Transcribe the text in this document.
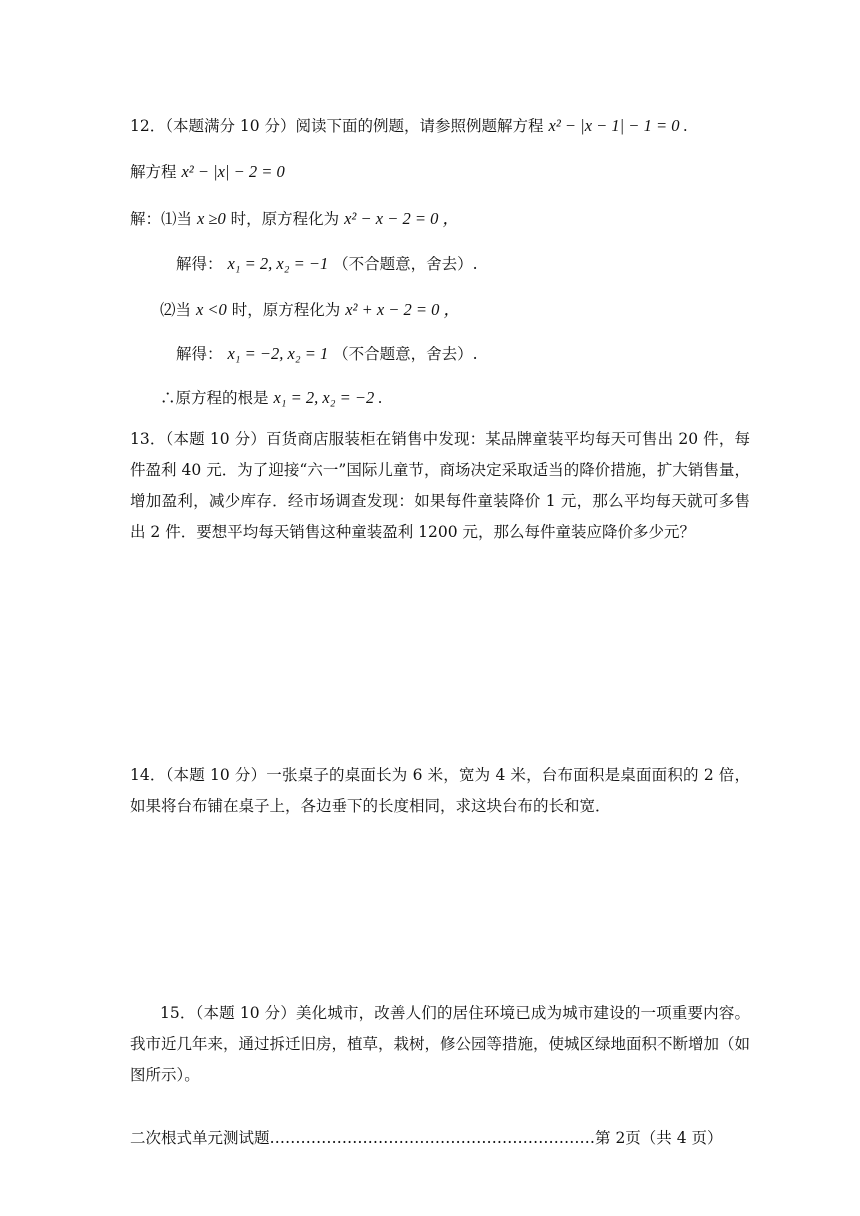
12．（本题满分 10 分）阅读下面的例题，请参照例题解方程 x² − |x − 1| − 1 = 0 .
解方程 x² − |x| − 2 = 0
解：⑴当 x ≥0 时，原方程化为 x² − x − 2 = 0 ，
解得： x₁ = 2, x₂ = −1 （不合题意，舍去）.
⑵当 x <0 时，原方程化为 x² + x − 2 = 0 ，
解得： x₁ = −2, x₂ = 1 （不合题意，舍去）.
∴原方程的根是 x₁ = 2, x₂ = −2 .
13．（本题 10 分）百货商店服装柜在销售中发现：某品牌童装平均每天可售出 20 件，每件盈利 40 元．为了迎接“六一”国际儿童节，商场决定采取适当的降价措施，扩大销售量，增加盈利，减少库存．经市场调查发现：如果每件童装降价 1 元，那么平均每天就可多售出 2 件．要想平均每天销售这种童装盈利 1200 元，那么每件童装应降价多少元？
14．（本题 10 分）一张桌子的桌面长为 6 米，宽为 4 米，台布面积是桌面面积的 2 倍，如果将台布铺在桌子上，各边垂下的长度相同，求这块台布的长和宽．
15．（本题 10 分）美化城市，改善人们的居住环境已成为城市建设的一项重要内容。我市近几年来，通过拆迁旧房，植草，栽树，修公园等措施，使城区绿地面积不断增加（如图所示）。
二次根式单元测试题………………………………………………………第 2页（共 4 页）
